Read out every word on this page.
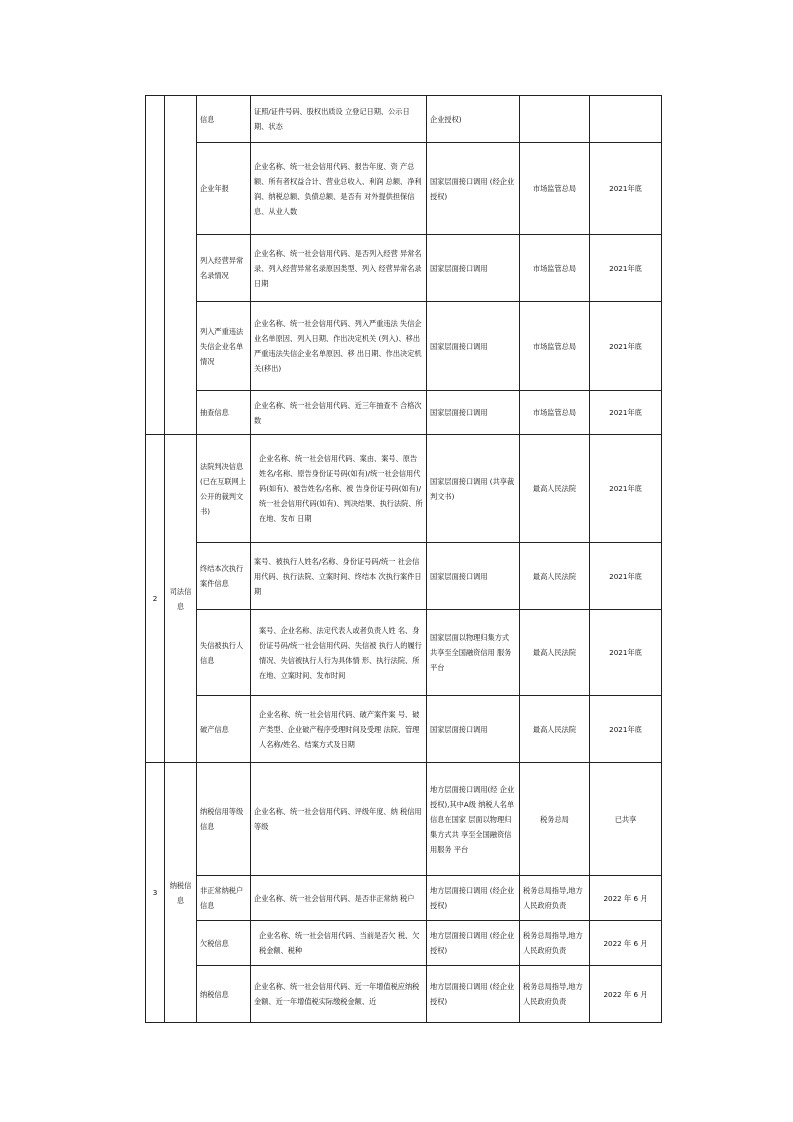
		信息	证照/证件号码、股权出质设 立登记日期、公示日期、状态	企业授权)		
		企业年报	企业名称、统一社会信用代码、报告年度、资 产总额、所有者权益合计、营业总收入、利润 总额、净利润、纳税总额、负债总额、是否有 对外提供担保信息、从业人数	国家层面接口调用 (经企业授权)	市场监管总局	2021年底
		列入经营异常名录情况	企业名称、统一社会信用代码、是否列入经营 异常名录、列入经营异常名录原因类型、列入 经营异常名录日期	国家层面接口调用	市场监管总局	2021年底
		列入严重违法失信企业名单情况	企业名称、统一社会信用代码、列入严重违法 失信企业名单原因、列入日期、作出决定机关 (列入)、移出严重违法失信企业名单原因、移 出日期、作出决定机关(移出)	国家层面接口调用	市场监管总局	2021年底
		抽查信息	企业名称、统一社会信用代码、近三年抽查不 合格次数	国家层面接口调用	市场监管总局	2021年底
2	司法信息	法院判决信息(已在互联网上公开的裁判文书)	企业名称、统一社会信用代码、案由、案号、原告姓名/名称、原告身份证号码(如有)/统一社会信用代码(如有)、被告姓名/名称、被 告身份证号码(如有)/统一社会信用代码(如有)、判决结果、执行法院、所在地、发布 日期	国家层面接口调用 (共享裁判文书)	最高人民法院	2021年底
		终结本次执行案件信息	案号、被执行人姓名/名称、身份证号码/统一 社会信用代码、执行法院、立案时间、终结本 次执行案件日期	国家层面接口调用	最高人民法院	2021年底
		失信被执行人信息	案号、企业名称、法定代表人或者负责人姓 名、身份证号码/统一社会信用代码、失信被 执行人的履行情况、失信被执行人行为具体情 形、执行法院、所在地、立案时间、发布时间	国家层面以物理归集方式 共享至全国融资信用 服务平台	最高人民法院	2021年底
		破产信息	企业名称、统一社会信用代码、破产案件案 号、破产类型、企业破产程序受理时间及受理 法院、管理人名称/姓名、结案方式及日期	国家层面接口调用	最高人民法院	2021年底
3	纳税信息	纳税信用等级信息	企业名称、统一社会信用代码、评级年度、纳 税信用等级	地方层面接口调用(经 企业授权),其中A级 纳税人名单信息在国家 层面以物理归集方式共 享至全国融资信用服务 平台	税务总局	已共享
		非正常纳税户信息	企业名称、统一社会信用代码、是否非正常纳 税户	地方层面接口调用 (经企业授权)	税务总局指导,地方人民政府负责	2022 年 6 月
		欠税信息	企业名称、统一社会信用代码、当前是否欠 税、欠税金额、税种	地方层面接口调用 (经企业授权)	税务总局指导,地方人民政府负责	2022 年 6 月
		纳税信息	企业名称、统一社会信用代码、近一年增值税应纳税金额、近一年增值税实际缴税金额、近	地方层面接口调用 (经企业授权)	税务总局指导,地方人民政府负责	2022 年 6 月
